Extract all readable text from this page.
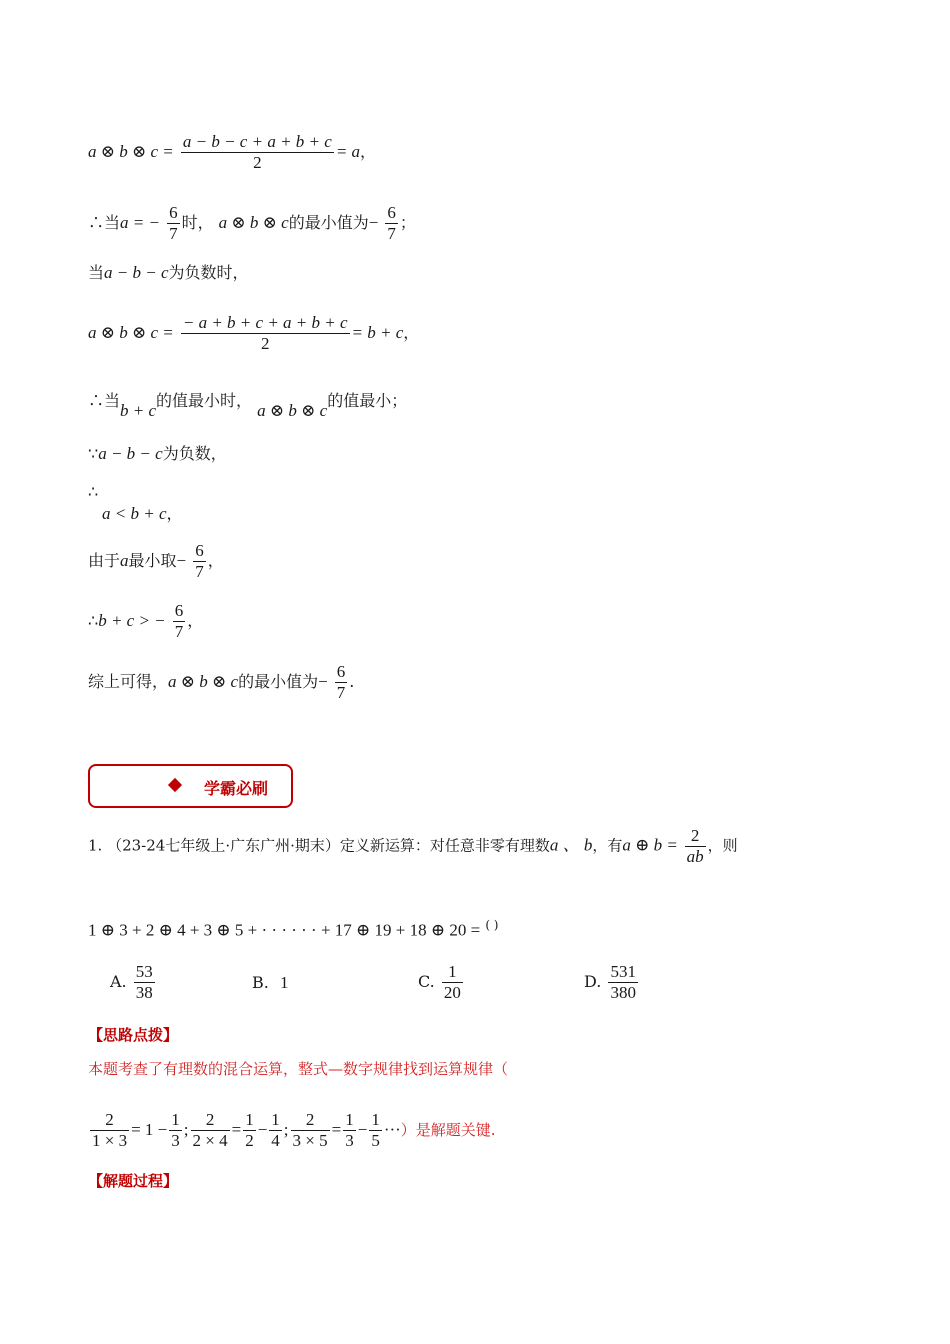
a ⊗ b ⊗ $c = \frac{a - b - c + a + b + c}{2} = a$，
∴当a = − $\frac{6}{7}$ 时， a ⊗ b ⊗ c的最小值为− $\frac{6}{7}$ ；
当a − b − c为负数时，
a ⊗ b ⊗ $c = \frac{- a + b + c + a + b + c}{2} = b + c$，
∴当b + c的值最小时， a ⊗ b ⊗ c的值最小；
∵a − b − c为负数，
∴
a < b + c，
由于a最小取− $\frac{6}{7}$ ，
∴b + c > − $\frac{6}{7}$ ，
综上可得，a ⊗ b ⊗ c的最小值为− $\frac{6}{7}$ .
学霸必刷
1. （23-24七年级上·广东广州·期末）定义新运算：对任意非零有理数a 、 b，有a ⊕ $b = \frac{2}{ab}$ ，则
1 ⊕ 3 + 2 ⊕ 4 + 3 ⊕ 5 + · · · · · · + 17 ⊕ 19 + 18 ⊕ 20 = ( )
A. $\frac{53}{38}$	B. 1	C. $\frac{1}{20}$	D. $\frac{531}{380}$
【思路点拨】
本题考查了有理数的混合运算，整式—数字规律找到运算规律（
$\frac{2}{1 \times 3} = 1 - \frac{1}{3}$ ; $\frac{2}{2 \times 4} = \frac{1}{2} - \frac{1}{4}$ ; $\frac{2}{3 \times 5} = \frac{1}{3} - \frac{1}{5}$ ···）是解题关键.
【解题过程】
